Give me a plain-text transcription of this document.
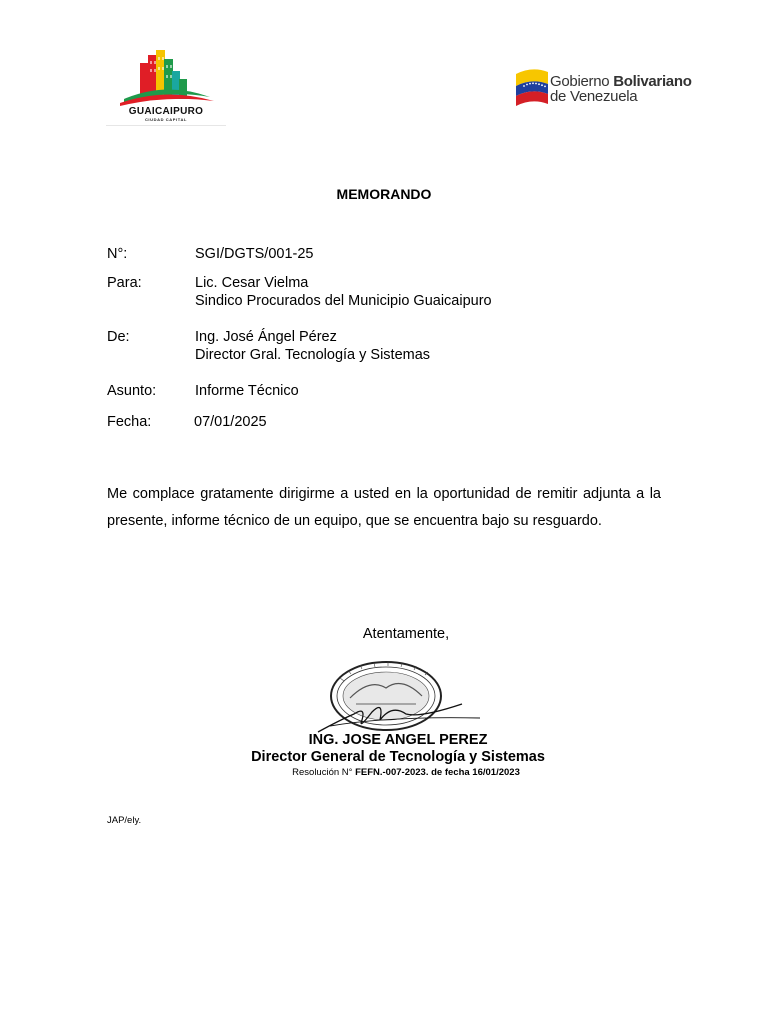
GUAICAIPURO
CIUDAD CAPITAL
Gobierno Bolivariano
de Venezuela
MEMORANDO
N°:	SGI/DGTS/001-25
Para:	Lic. Cesar Vielma
Sindico Procurados del Municipio Guaicaipuro
De:	Ing. José Ángel Pérez
Director Gral. Tecnología y Sistemas
Asunto:	Informe Técnico
Fecha:	07/01/2025
Me complace gratamente dirigirme a usted en la oportunidad de remitir adjunta a la presente, informe técnico de un equipo, que se encuentra bajo su resguardo.
Atentamente,
ING. JOSE ANGEL PEREZ
Director General de Tecnología y Sistemas
Resolución N° FEFN.-007-2023. de fecha 16/01/2023
JAP/ely.
